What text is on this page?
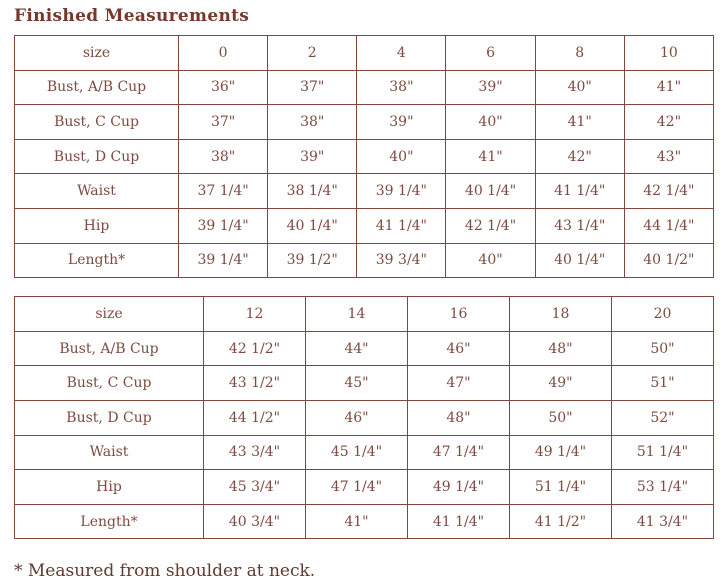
Finished Measurements
size	0	2	4	6	8	10
Bust, A/B Cup	36"	37"	38"	39"	40"	41"
Bust, C Cup	37"	38"	39"	40"	41"	42"
Bust, D Cup	38"	39"	40"	41"	42"	43"
Waist	37 1/4"	38 1/4"	39 1/4"	40 1/4"	41 1/4"	42 1/4"
Hip	39 1/4"	40 1/4"	41 1/4"	42 1/4"	43 1/4"	44 1/4"
Length*	39 1/4"	39 1/2"	39 3/4"	40"	40 1/4"	40 1/2"
size	12	14	16	18	20
Bust, A/B Cup	42 1/2"	44"	46"	48"	50"
Bust, C Cup	43 1/2"	45"	47"	49"	51"
Bust, D Cup	44 1/2"	46"	48"	50"	52"
Waist	43 3/4"	45 1/4"	47 1/4"	49 1/4"	51 1/4"
Hip	45 3/4"	47 1/4"	49 1/4"	51 1/4"	53 1/4"
Length*	40 3/4"	41"	41 1/4"	41 1/2"	41 3/4"

* Measured from shoulder at neck.
